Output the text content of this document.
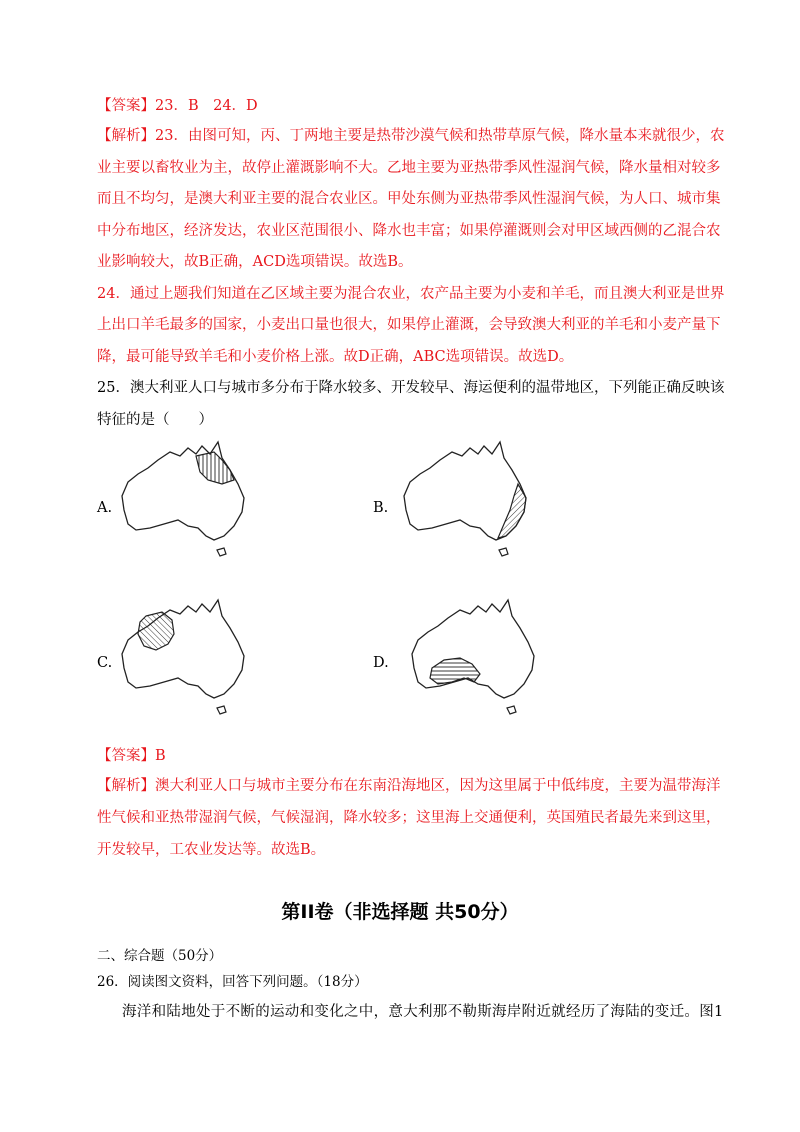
【答案】23．B　24．D
【解析】23．由图可知，丙、丁两地主要是热带沙漠气候和热带草原气候，降水量本来就很少，农
业主要以畜牧业为主，故停止灌溉影响不大。乙地主要为亚热带季风性湿润气候，降水量相对较多
而且不均匀，是澳大利亚主要的混合农业区。甲处东侧为亚热带季风性湿润气候，为人口、城市集
中分布地区，经济发达，农业区范围很小、降水也丰富；如果停灌溉则会对甲区域西侧的乙混合农
业影响较大，故B正确，ACD选项错误。故选B。
24．通过上题我们知道在乙区域主要为混合农业，农产品主要为小麦和羊毛，而且澳大利亚是世界
上出口羊毛最多的国家，小麦出口量也很大，如果停止灌溉，会导致澳大利亚的羊毛和小麦产量下
降，最可能导致羊毛和小麦价格上涨。故D正确，ABC选项错误。故选D。
25．澳大利亚人口与城市多分布于降水较多、开发较早、海运便利的温带地区，下列能正确反映该
特征的是（　　）
A.	B.
C.	D.
【答案】B
【解析】澳大利亚人口与城市主要分布在东南沿海地区，因为这里属于中低纬度，主要为温带海洋
性气候和亚热带湿润气候，气候湿润，降水较多；这里海上交通便利，英国殖民者最先来到这里，
开发较早，工农业发达等。故选B。
第II卷（非选择题 共50分）
二、综合题（50分）
26．阅读图文资料，回答下列问题。（18分）
海洋和陆地处于不断的运动和变化之中，意大利那不勒斯海岸附近就经历了海陆的变迁。图1
